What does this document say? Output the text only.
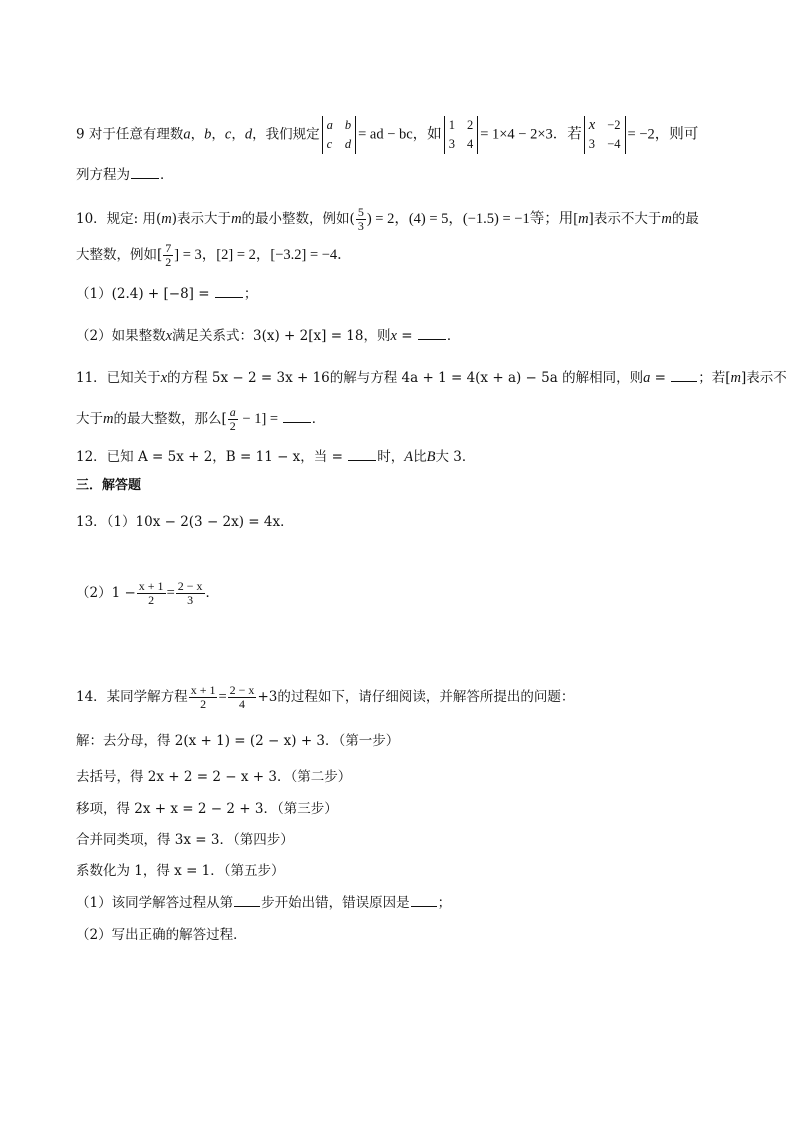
9 对于任意有理数a，b，c，d，我们规定
a b
c d
= ad − bc，如
1 2
3 4
= 1×4 − 2×3．若
x −2
3 −4
= −2，则可
列方程为 ．
10．规定: 用(m)表示大于m的最小整数，例如( $\frac{5}{3}$ ) = 2，(4) = 5，(−1.5) = −1等；用[m]表示不大于m的最
大整数，例如[ $\frac{7}{2}$ ] = 3，[2] = 2，[−3.2] = −4．
（1）(2.4) + [−8] = ；
（2）如果整数x满足关系式：3(x) + 2[x] = 18，则x = ．
11．已知关于x的方程 5x − 2 = 3x + 16的解与方程 4a + 1 = 4(x + a) − 5a 的解相同，则a = ；若[m]表示不
大于m的最大整数，那么[ $\frac{a}{2} - 1$] = ．
12．已知 A = 5x + 2，B = 11 − x，当 = 时，A比B大 3．
三．解答题
13．（1）10x − 2(3 − 2x) = 4x．
$(2)1 - \frac{x + 1}{2} = \frac{2 - x}{3}$ ．
14．某同学解方程 $\frac{x + 1}{2} = \frac{2 - x}{4} +3$的过程如下，请仔细阅读，并解答所提出的问题：
解：去分母，得 2(x + 1) = (2 − x) + 3．（第一步）
去括号，得 2x + 2 = 2 − x + 3．（第二步）
移项，得 2x + x = 2 − 2 + 3．（第三步）
合并同类项，得 3x = 3．（第四步）
系数化为 1，得 x = 1．（第五步）
（1）该同学解答过程从第 步开始出错，错误原因是 ；
（2）写出正确的解答过程．
